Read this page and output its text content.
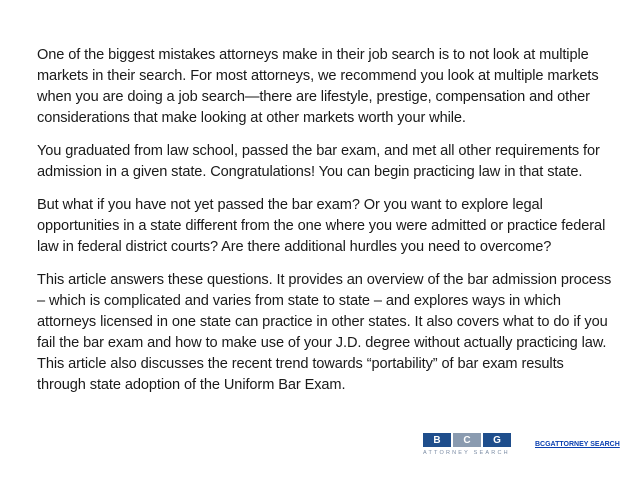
One of the biggest mistakes attorneys make in their job search is to not look at multiple markets in their search. For most attorneys, we recommend you look at multiple markets when you are doing a job search—there are lifestyle, prestige, compensation and other considerations that make looking at other markets worth your while.

You graduated from law school, passed the bar exam, and met all other requirements for admission in a given state. Congratulations! You can begin practicing law in that state.

But what if you have not yet passed the bar exam? Or you want to explore legal opportunities in a state different from the one where you were admitted or practice federal law in federal district courts? Are there additional hurdles you need to overcome?

This article answers these questions. It provides an overview of the bar admission process – which is complicated and varies from state to state – and explores ways in which attorneys licensed in one state can practice in other states. It also covers what to do if you fail the bar exam and how to make use of your J.D. degree without actually practicing law. This article also discusses the recent trend towards “portability” of bar exam results through state adoption of the Uniform Bar Exam.

B	C	G
ATTORNEY SEARCH
BCGATTORNEY SEARCH
